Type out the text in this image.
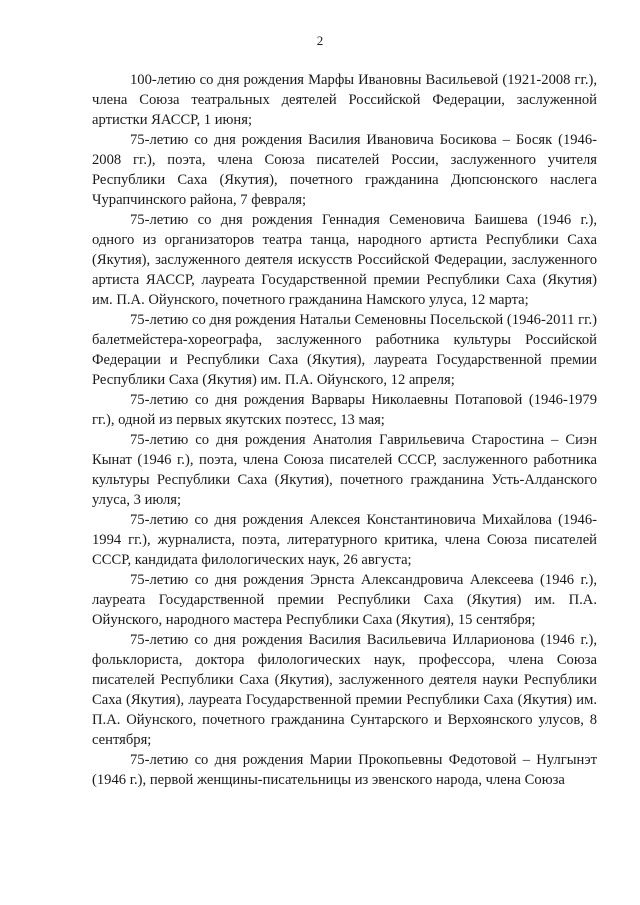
2

100-летию со дня рождения Марфы Ивановны Васильевой (1921-2008 гг.), члена Союза театральных деятелей Российской Федерации, заслуженной артистки ЯАССР, 1 июня;

75-летию со дня рождения Василия Ивановича Босикова – Босяк (1946-2008 гг.), поэта, члена Союза писателей России, заслуженного учителя Республики Саха (Якутия), почетного гражданина Дюпсюнского наслега Чурапчинского района, 7 февраля;

75-летию со дня рождения Геннадия Семеновича Баишева (1946 г.), одного из организаторов театра танца, народного артиста Республики Саха (Якутия), заслуженного деятеля искусств Российской Федерации, заслуженного артиста ЯАССР, лауреата Государственной премии Республики Саха (Якутия) им. П.А. Ойунского, почетного гражданина Намского улуса, 12 марта;

75-летию со дня рождения Натальи Семеновны Посельской (1946-2011 гг.) балетмейстера-хореографа, заслуженного работника культуры Российской Федерации и Республики Саха (Якутия), лауреата Государственной премии Республики Саха (Якутия) им. П.А. Ойунского, 12 апреля;

75-летию со дня рождения Варвары Николаевны Потаповой (1946-1979 гг.), одной из первых якутских поэтесс, 13 мая;

75-летию со дня рождения Анатолия Гаврильевича Старостина – Сиэн Кынат (1946 г.), поэта, члена Союза писателей СССР, заслуженного работника культуры Республики Саха (Якутия), почетного гражданина Усть-Алданского улуса, 3 июля;

75-летию со дня рождения Алексея Константиновича Михайлова (1946-1994 гг.), журналиста, поэта, литературного критика, члена Союза писателей СССР, кандидата филологических наук, 26 августа;

75-летию со дня рождения Эрнста Александровича Алексеева (1946 г.), лауреата Государственной премии Республики Саха (Якутия) им. П.А. Ойунского, народного мастера Республики Саха (Якутия), 15 сентября;

75-летию со дня рождения Василия Васильевича Илларионова (1946 г.), фольклориста, доктора филологических наук, профессора, члена Союза писателей Республики Саха (Якутия), заслуженного деятеля науки Республики Саха (Якутия), лауреата Государственной премии Республики Саха (Якутия) им. П.А. Ойунского, почетного гражданина Сунтарского и Верхоянского улусов, 8 сентября;

75-летию со дня рождения Марии Прокопьевны Федотовой – Нулгынэт (1946 г.), первой женщины-писательницы из эвенского народа, члена Союза
